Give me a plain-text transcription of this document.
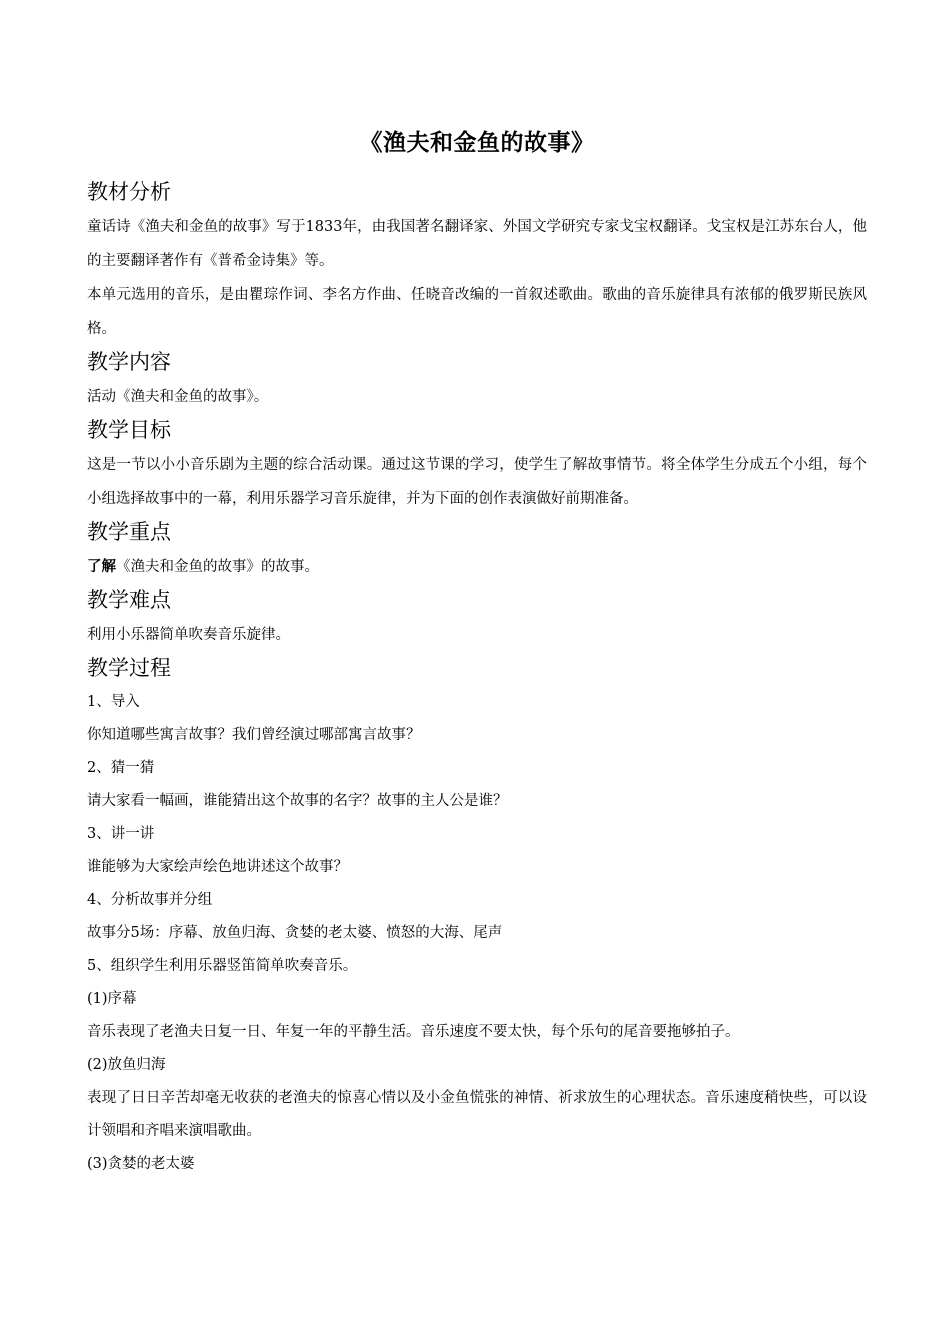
《渔夫和金鱼的故事》
教材分析

童话诗《渔夫和金鱼的故事》写于1833年，由我国著名翻译家、外国文学研究专家戈宝权翻译。戈宝权是江苏东台人，他的主要翻译著作有《普希金诗集》等。

本单元选用的音乐，是由瞿琮作词、李名方作曲、任晓音改编的一首叙述歌曲。歌曲的音乐旋律具有浓郁的俄罗斯民族风格。

教学内容

活动《渔夫和金鱼的故事》。

教学目标

这是一节以小小音乐剧为主题的综合活动课。通过这节课的学习，使学生了解故事情节。将全体学生分成五个小组，每个小组选择故事中的一幕，利用乐器学习音乐旋律，并为下面的创作表演做好前期准备。

教学重点

了解《渔夫和金鱼的故事》的故事。

教学难点

利用小乐器简单吹奏音乐旋律。

教学过程

1、导入

你知道哪些寓言故事？我们曾经演过哪部寓言故事？

2、猜一猜

请大家看一幅画，谁能猜出这个故事的名字？故事的主人公是谁？

3、讲一讲

谁能够为大家绘声绘色地讲述这个故事？

4、分析故事并分组

故事分5场：序幕、放鱼归海、贪婪的老太婆、愤怒的大海、尾声

5、组织学生利用乐器竖笛简单吹奏音乐。

(1)序幕

音乐表现了老渔夫日复一日、年复一年的平静生活。音乐速度不要太快，每个乐句的尾音要拖够拍子。

(2)放鱼归海

表现了日日辛苦却毫无收获的老渔夫的惊喜心情以及小金鱼慌张的神情、祈求放生的心理状态。音乐速度稍快些，可以设计领唱和齐唱来演唱歌曲。

(3)贪婪的老太婆
